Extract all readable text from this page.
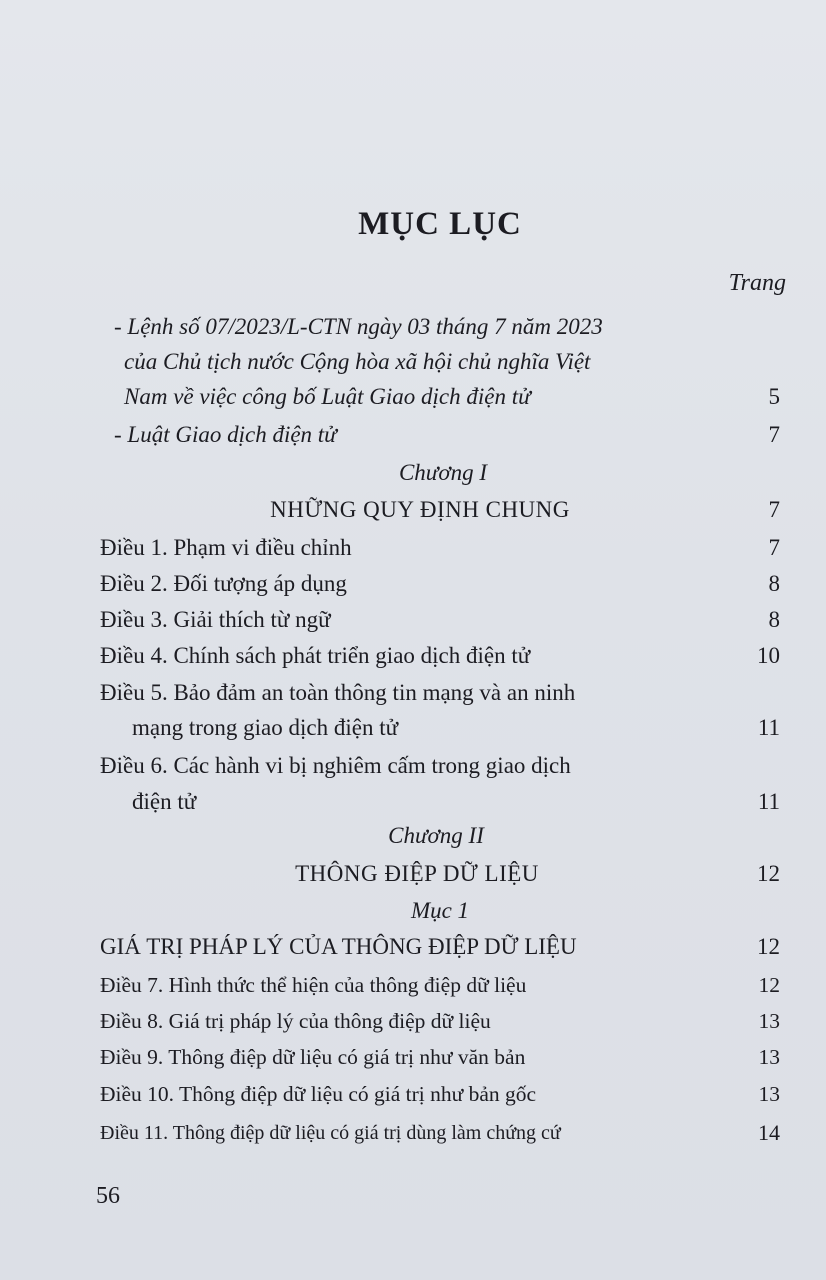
MỤC LỤC
Trang
- Lệnh số 07/2023/L-CTN ngày 03 tháng 7 năm 2023
của Chủ tịch nước Cộng hòa xã hội chủ nghĩa Việt
Nam về việc công bố Luật Giao dịch điện tử	5
- Luật Giao dịch điện tử	7
Chương I
NHỮNG QUY ĐỊNH CHUNG	7
Điều 1. Phạm vi điều chỉnh	7
Điều 2. Đối tượng áp dụng	8
Điều 3. Giải thích từ ngữ	8
Điều 4. Chính sách phát triển giao dịch điện tử	10
Điều 5. Bảo đảm an toàn thông tin mạng và an ninh
mạng trong giao dịch điện tử	11
Điều 6. Các hành vi bị nghiêm cấm trong giao dịch
điện tử	11
Chương II
THÔNG ĐIỆP DỮ LIỆU	12
Mục 1
GIÁ TRỊ PHÁP LÝ CỦA THÔNG ĐIỆP DỮ LIỆU	12
Điều 7. Hình thức thể hiện của thông điệp dữ liệu	12
Điều 8. Giá trị pháp lý của thông điệp dữ liệu	13
Điều 9. Thông điệp dữ liệu có giá trị như văn bản	13
Điều 10. Thông điệp dữ liệu có giá trị như bản gốc	13
Điều 11. Thông điệp dữ liệu có giá trị dùng làm chứng cứ	14
56
